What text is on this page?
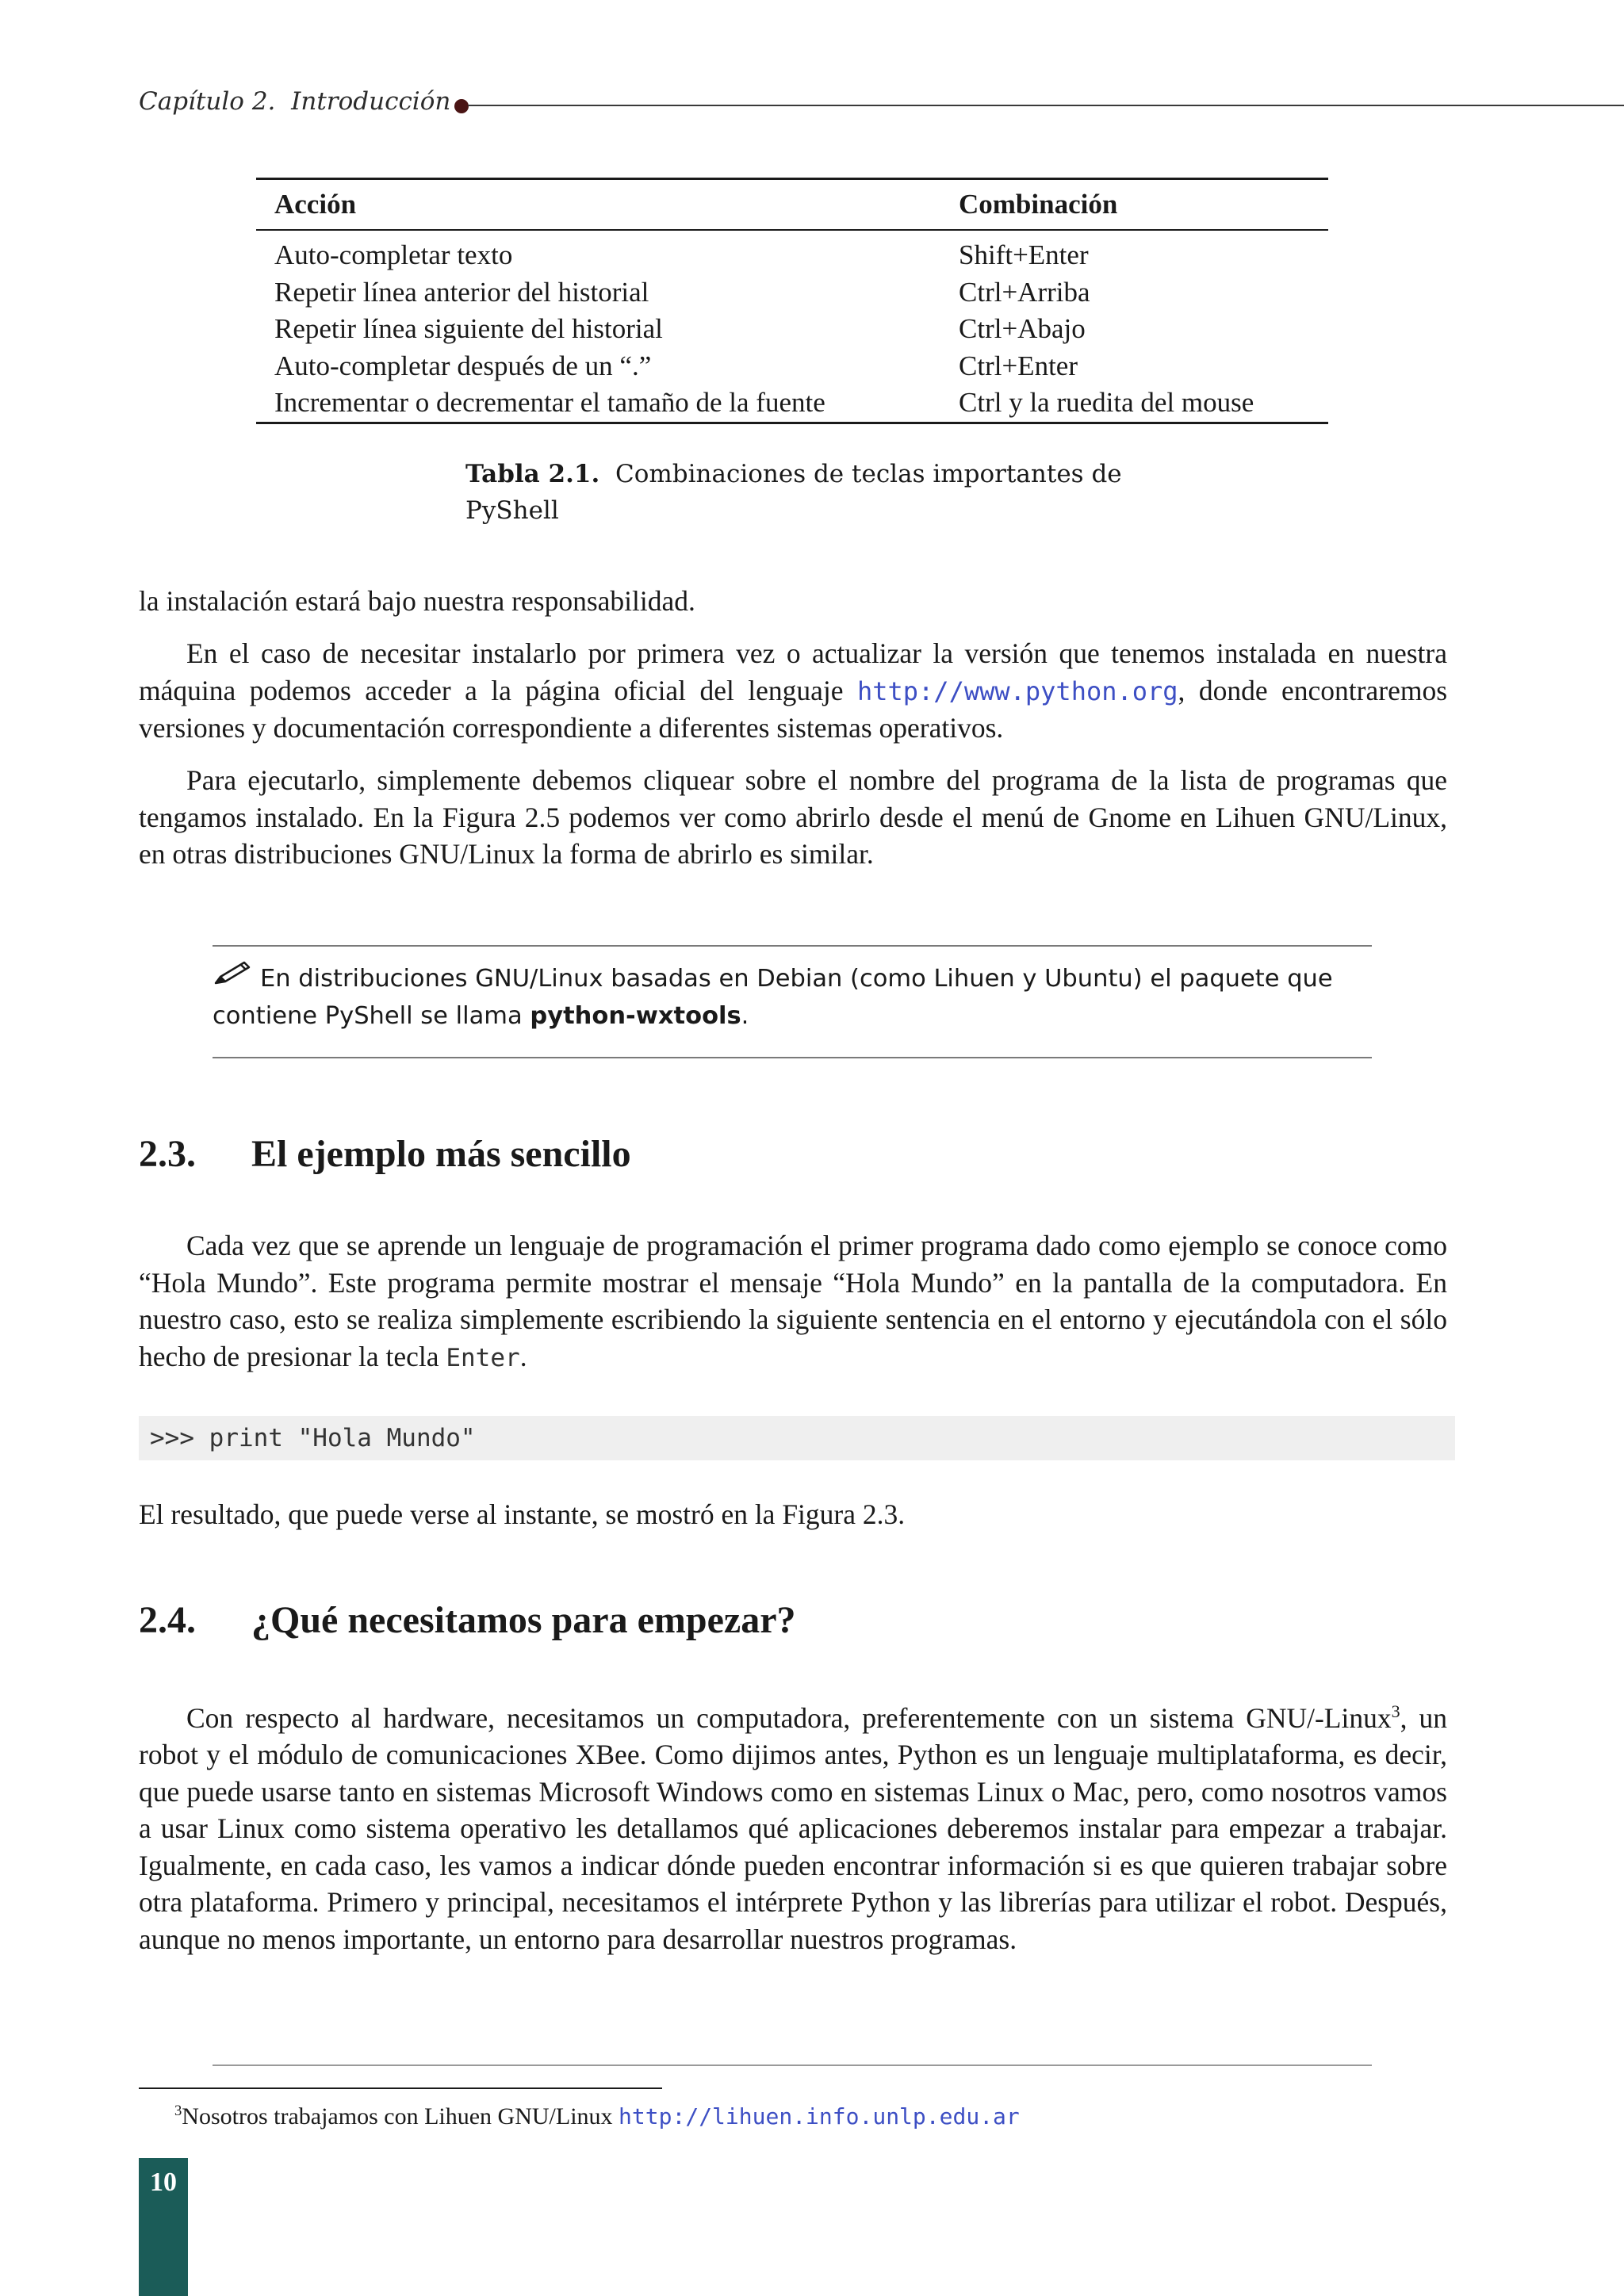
Capítulo 2. Introducción
Acción	Combinación
Auto-completar texto	Shift+Enter
Repetir línea anterior del historial	Ctrl+Arriba
Repetir línea siguiente del historial	Ctrl+Abajo
Auto-completar después de un “.”	Ctrl+Enter
Incrementar o decrementar el tamaño de la fuente	Ctrl y la ruedita del mouse
Tabla 2.1. Combinaciones de teclas importantes de PyShell
la instalación estará bajo nuestra responsabilidad.
En el caso de necesitar instalarlo por primera vez o actualizar la versión que tenemos instalada en nuestra máquina podemos acceder a la página oficial del lenguaje http://www.python.org, donde encontraremos versiones y documentación correspondiente a diferentes sistemas operativos.
Para ejecutarlo, simplemente debemos cliquear sobre el nombre del programa de la lista de programas que tengamos instalado. En la Figura 2.5 podemos ver como abrirlo desde el menú de Gnome en Lihuen GNU/Linux, en otras distribuciones GNU/Linux la forma de abrirlo es similar.
En distribuciones GNU/Linux basadas en Debian (como Lihuen y Ubuntu) el paquete que contiene PyShell se llama python-wxtools.
2.3. El ejemplo más sencillo
Cada vez que se aprende un lenguaje de programación el primer programa dado como ejemplo se conoce como “Hola Mundo”. Este programa permite mostrar el mensaje “Hola Mundo” en la pantalla de la computadora. En nuestro caso, esto se realiza simplemente escribiendo la siguiente sentencia en el entorno y ejecutándola con el sólo hecho de presionar la tecla Enter.
>>> print "Hola Mundo"
El resultado, que puede verse al instante, se mostró en la Figura 2.3.
2.4. ¿Qué necesitamos para empezar?
Con respecto al hardware, necesitamos un computadora, preferentemente con un sistema GNU/-Linux$^3$, un robot y el módulo de comunicaciones XBee. Como dijimos antes, Python es un lenguaje multiplataforma, es decir, que puede usarse tanto en sistemas Microsoft Windows como en sistemas Linux o Mac, pero, como nosotros vamos a usar Linux como sistema operativo les detallamos qué aplicaciones deberemos instalar para empezar a trabajar. Igualmente, en cada caso, les vamos a indicar dónde pueden encontrar información si es que quieren trabajar sobre otra plataforma. Primero y principal, necesitamos el intérprete Python y las librerías para utilizar el robot. Después, aunque no menos importante, un entorno para desarrollar nuestros programas.
$^3$Nosotros trabajamos con Lihuen GNU/Linux http://lihuen.info.unlp.edu.ar
10
